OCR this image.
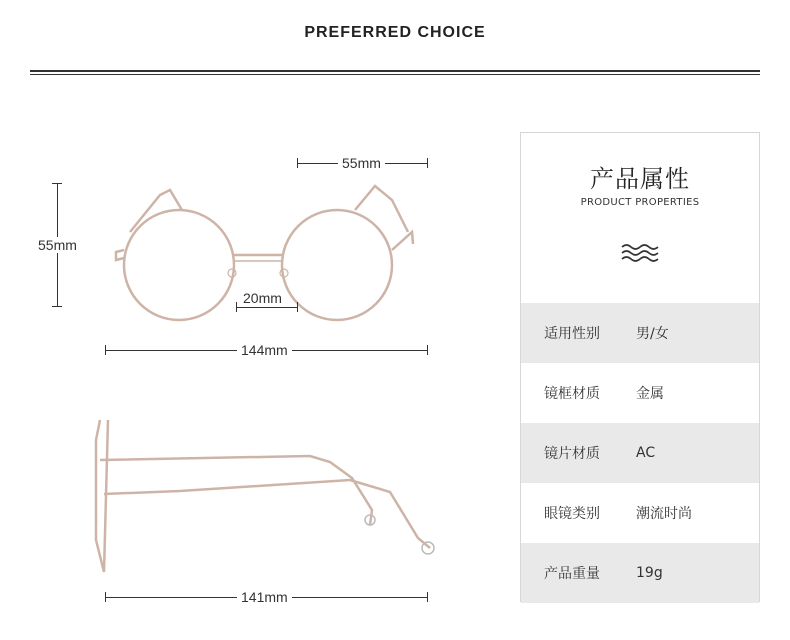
PREFERRED CHOICE
55mm
55mm
20mm
144mm
141mm
产品属性
PRODUCT PROPERTIES
适用性别	男/女
镜框材质	金属
镜片材质	AC
眼镜类别	潮流时尚
产品重量	19g
